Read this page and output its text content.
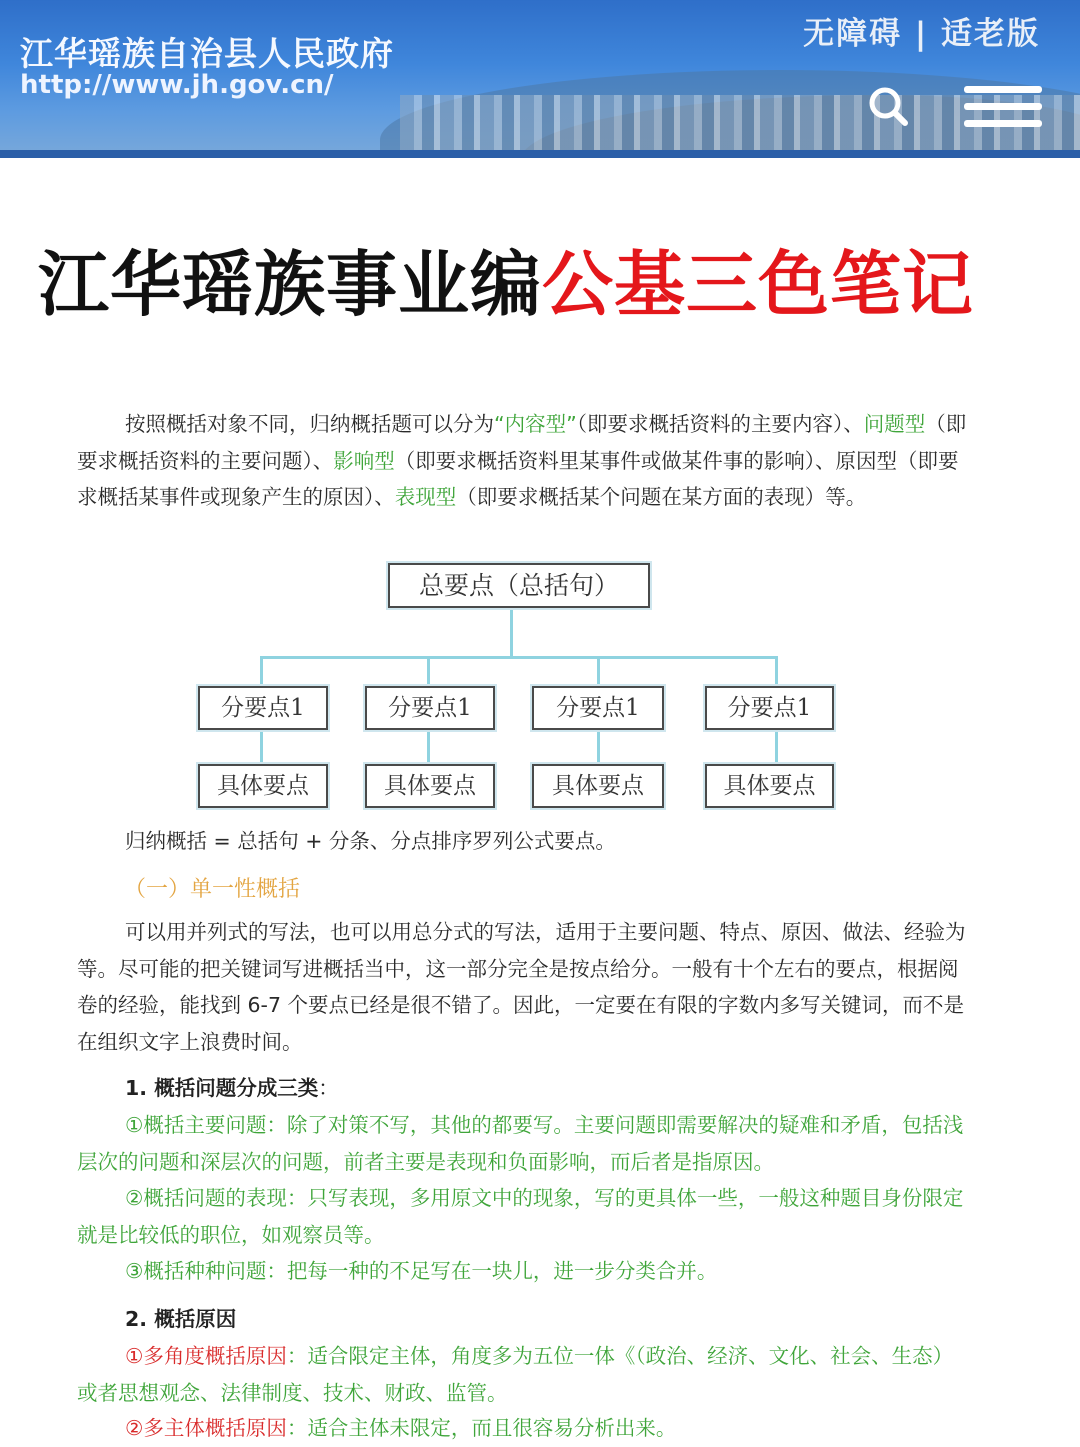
江华瑶族自治县人民政府
http://www.jh.gov.cn/
无障碍 | 适老版
江华瑶族事业编公基三色笔记
按照概括对象不同，归纳概括题可以分为“内容型”（即要求概括资料的主要内容）、问题型（即要求概括资料的主要问题）、影响型（即要求概括资料里某事件或做某件事的影响）、原因型（即要求概括某事件或现象产生的原因）、表现型（即要求概括某个问题在某方面的表现）等。
总要点（总括句）
分要点1	分要点1	分要点1	分要点1
具体要点	具体要点	具体要点	具体要点
归纳概括 = 总括句 + 分条、分点排序罗列公式要点。
（一）单一性概括
可以用并列式的写法，也可以用总分式的写法，适用于主要问题、特点、原因、做法、经验为等。尽可能的把关键词写进概括当中，这一部分完全是按点给分。一般有十个左右的要点，根据阅卷的经验，能找到 6-7 个要点已经是很不错了。因此，一定要在有限的字数内多写关键词，而不是在组织文字上浪费时间。
1. 概括问题分成三类：
①概括主要问题：除了对策不写，其他的都要写。主要问题即需要解决的疑难和矛盾，包括浅层次的问题和深层次的问题，前者主要是表现和负面影响，而后者是指原因。
②概括问题的表现：只写表现，多用原文中的现象，写的更具体一些，一般这种题目身份限定就是比较低的职位，如观察员等。
③概括种种问题：把每一种的不足写在一块儿，进一步分类合并。
2. 概括原因
①多角度概括原因：适合限定主体，角度多为五位一体《（政治、经济、文化、社会、生态）或者思想观念、法律制度、技术、财政、监管。
②多主体概括原因：适合主体未限定，而且很容易分析出来。
